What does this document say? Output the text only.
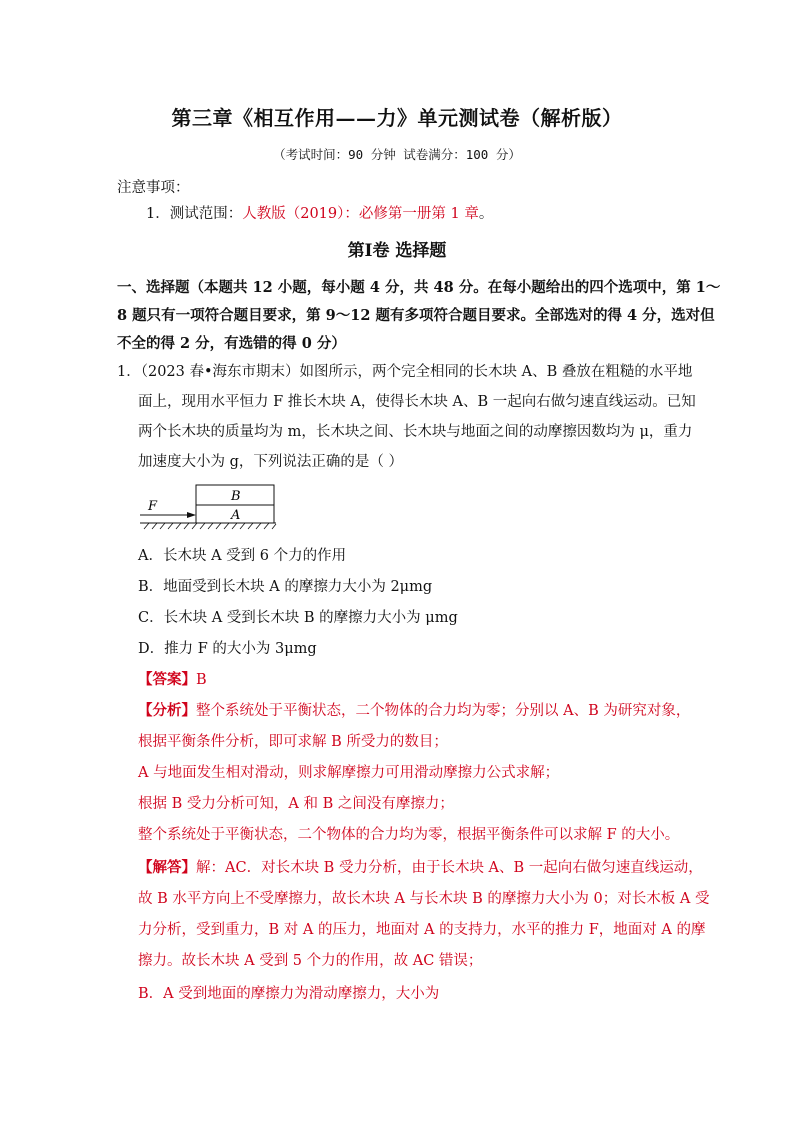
第三章《相互作用——力》单元测试卷（解析版）
（考试时间：90 分钟 试卷满分：100 分）
注意事项：
1．测试范围：人教版（2019）：必修第一册第 1 章。
第Ⅰ卷 选择题
一、选择题（本题共 12 小题，每小题 4 分，共 48 分。在每小题给出的四个选项中，第 1～
8 题只有一项符合题目要求，第 9～12 题有多项符合题目要求。全部选对的得 4 分，选对但
不全的得 2 分，有选错的得 0 分）
1．（2023 春•海东市期末）如图所示，两个完全相同的长木块 A、B 叠放在粗糙的水平地
面上，现用水平恒力 F 推长木块 A，使得长木块 A、B 一起向右做匀速直线运动。已知
两个长木块的质量均为 m，长木块之间、长木块与地面之间的动摩擦因数均为 μ，重力
加速度大小为 g，下列说法正确的是（ ）
F
B
A
A．长木块 A 受到 6 个力的作用
B．地面受到长木块 A 的摩擦力大小为 2μmg
C．长木块 A 受到长木块 B 的摩擦力大小为 μmg
D．推力 F 的大小为 3μmg
【答案】B
【分析】整个系统处于平衡状态，二个物体的合力均为零；分别以 A、B 为研究对象，
根据平衡条件分析，即可求解 B 所受力的数目；
A 与地面发生相对滑动，则求解摩擦力可用滑动摩擦力公式求解；
根据 B 受力分析可知，A 和 B 之间没有摩擦力；
整个系统处于平衡状态，二个物体的合力均为零，根据平衡条件可以求解 F 的大小。
【解答】解：AC．对长木块 B 受力分析，由于长木块 A、B 一起向右做匀速直线运动，
故 B 水平方向上不受摩擦力，故长木块 A 与长木块 B 的摩擦力大小为 0；对长木板 A 受
力分析，受到重力，B 对 A 的压力，地面对 A 的支持力，水平的推力 F，地面对 A 的摩
擦力。故长木块 A 受到 5 个力的作用，故 AC 错误；
B．A 受到地面的摩擦力为滑动摩擦力，大小为
